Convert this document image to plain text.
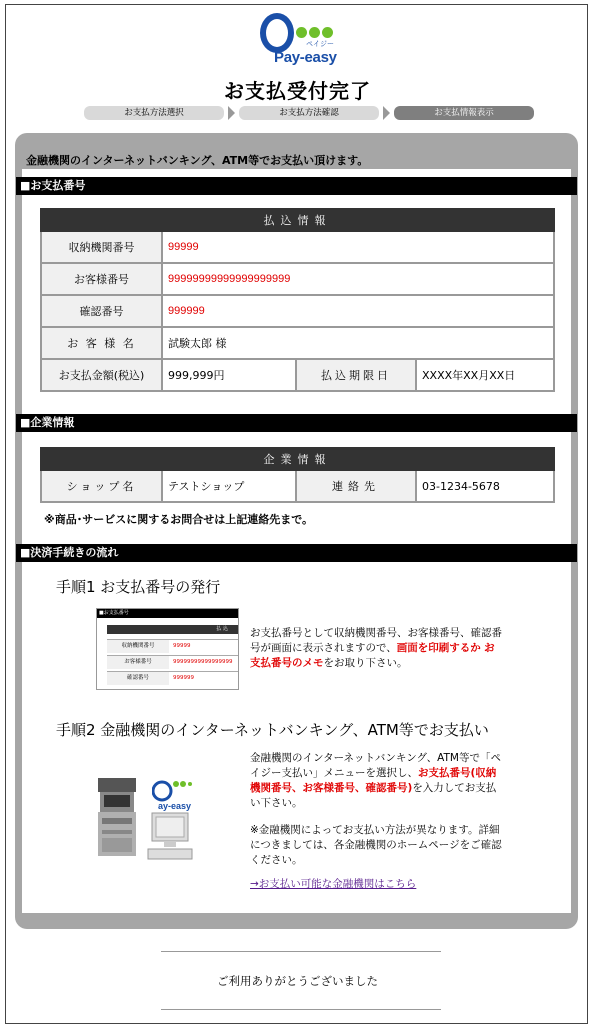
ペイジー
Pay-easy
お支払受付完了
お支払方法選択	お支払方法確認	お支払情報表示
金融機関のインターネットバンキング、ATM等でお支払い頂けます。
■お支払番号
払込情報			
収納機関番号	99999		
お客様番号	99999999999999999999		
確認番号	999999		
お 客 様 名	試験太郎 様		
お支払金額(税込)	999,999円	払込期限日	XXXX年XX月XX日
■企業情報
企業情報
ショップ名	テストショップ	連絡先	03-1234-5678
※商品･サービスに関するお問合せは上記連絡先まで。
■決済手続きの流れ
手順1 お支払番号の発行
■お支払番号
払 込
収納機関番号	99999
お客様番号	99999999999999999
確認番号	999999
お支払番号として収納機関番号、お客様番号、確認番号が画面に表示されますので、画面を印刷するか お支払番号のメモをお取り下さい。
手順2 金融機関のインターネットバンキング、ATM等でお支払い
ay-easy
金融機関のインターネットバンキング、ATM等で「ペイジー支払い」メニューを選択し、お支払番号(収納機関番号、お客様番号、確認番号)を入力してお支払い下さい。
※金融機関によってお支払い方法が異なります。詳細につきましては、各金融機関のホームページをご確認ください。
→お支払い可能な金融機関はこちら
ご利用ありがとうございました
